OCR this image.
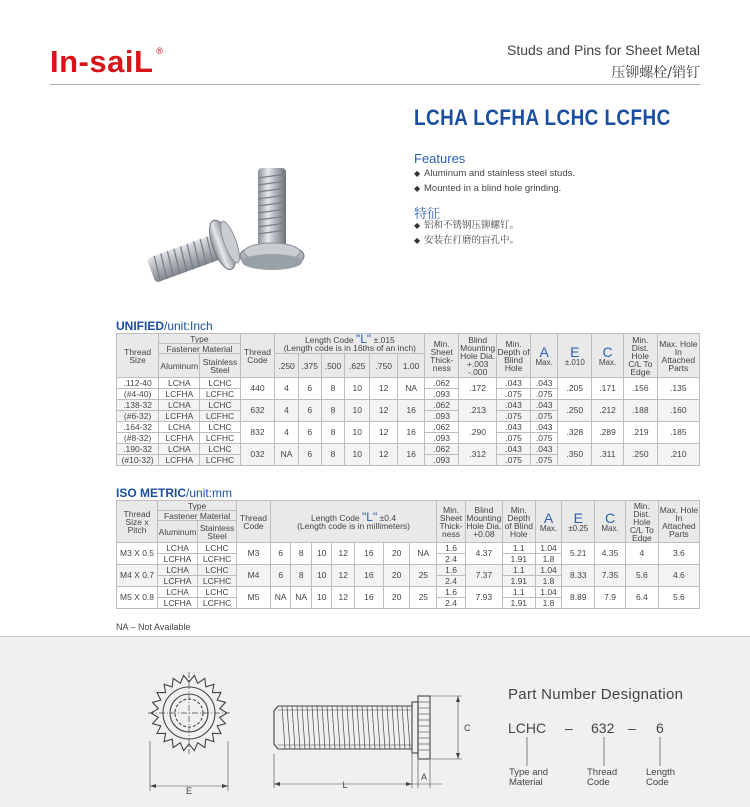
In-saiL ®	Studs and Pins for Sheet Metal
压铆螺栓/销钉
LCHA LCFHA LCHC LCFHC
Features
◆ Aluminum and stainless steel studs.
◆ Mounted in a blind hole grinding.
特征
◆ 铝和不锈钢压铆螺钉。
◆ 安装在打磨的盲孔中。
UNIFIED/unit:Inch
Thread Size	Type		Thread Code	Length Code "L" ±.015
(Length code is in 16ths of an inch)						Min. Sheet Thick- ness	Blind Mounting Hole Dia. +.003 -.000	Min. Depth of Blind Hole	A
Max.	E
±.010	C
Max.	Min. Dist. Hole C/L To Edge	Max. Hole In Attached Parts
	Fastener Material																
	Aluminum	Stainless Steel		.250	.375	.500	.625	.750	1.00								
.112-40	LCHA	LCHC	440	4	6	8	10	12	NA	.062	.172	.043	.043	.205	.171	.156	.135
(#4-40)	LCFHA	LCFHC								.093		.075	.075				
.138-32	LCHA	LCHC	632	4	6	8	10	12	16	.062	.213	.043	.043	.250	.212	.188	.160
(#6-32)	LCFHA	LCFHC								.093		.075	.075				
.164-32	LCHA	LCHC	832	4	6	8	10	12	16	.062	.290	.043	.043	.328	.289	.219	.185
(#8-32)	LCFHA	LCFHC								.093		.075	.075				
.190-32	LCHA	LCHC	032	NA	6	8	10	12	16	.062	.312	.043	.043	.350	.311	.250	.210
(#10-32)	LCFHA	LCFHC								.093		.075	.075				
ISO METRIC/unit:mm
Thread Size x Pitch	Type		Thread Code	Length Code "L" ±0.4
(Length code is in millimeters)							Min. Sheet Thick- ness	Blind Mounting Hole Dia. +0.08	Min. Depth of Blind Hole	A
Max.	E
±0.25	C
Max.	Min. Dist. Hole C/L To Edge	Max. Hole In Attached Parts
	Fastener Material																	
	Aluminum	Stainless Steel																
M3 X 0.5	LCHA	LCHC	M3	6	8	10	12	16	20	NA	1.6	4.37	1.1	1.04	5.21	4.35	4	3.6
	LCFHA	LCFHC									2.4		1.91	1.8				
M4 X 0.7	LCHA	LCHC	M4	6	8	10	12	16	20	25	1.6	7.37	1.1	1.04	8.33	7.35	5.6	4.6
	LCFHA	LCFHC									2.4		1.91	1.8				
M5 X 0.8	LCHA	LCHC	M5	NA	NA	10	12	16	20	25	1.6	7.93	1.1	1.04	8.89	7.9	6.4	5.6
	LCFHA	LCFHC									2.4		1.91	1.8				
NA – Not Available
E
L
A
C
Part Number Designation
LCHC – 632 – 6
Type and Material
Thread Code
Length Code
